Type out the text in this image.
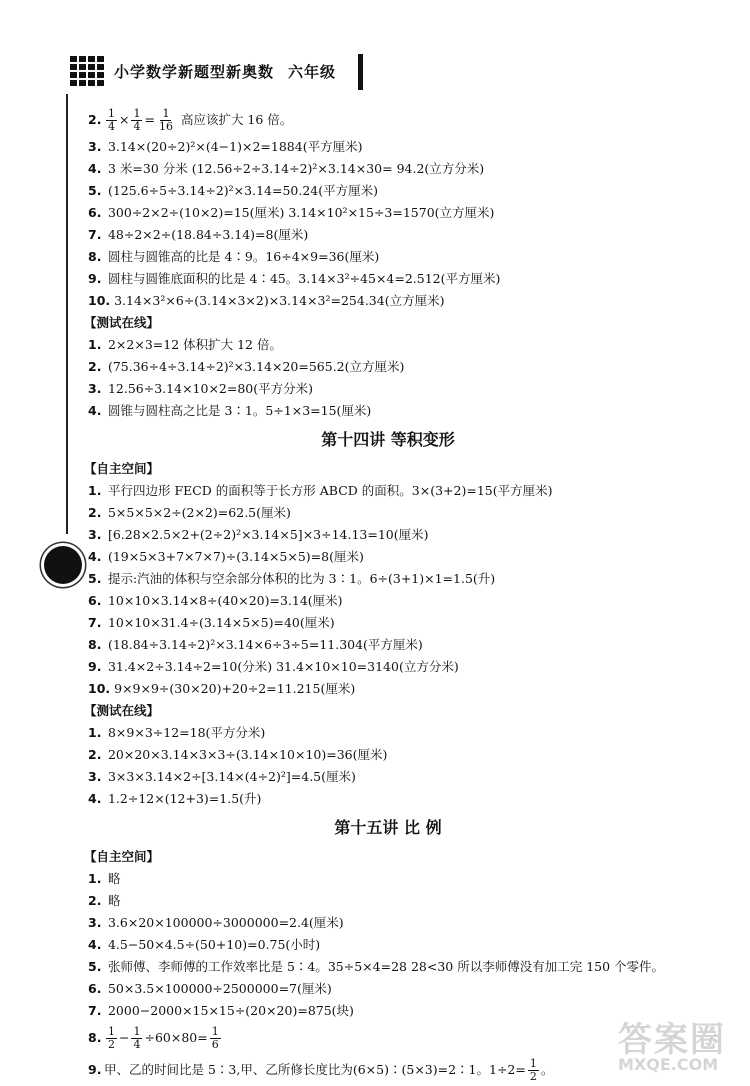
小学数学新题型新奥数 六年级
2. $\frac{1}{4} \times \frac{1}{4} = \frac{1}{16}$ 高应该扩大 16 倍。
3. 3.14×(20÷2)²×(4−1)×2=1884(平方厘米)
4. 3 米=30 分米 (12.56÷2÷3.14÷2)²×3.14×30= 94.2(立方分米)
5. (125.6÷5÷3.14÷2)²×3.14=50.24(平方厘米)
6. 300÷2×2÷(10×2)=15(厘米) 3.14×10²×15÷3=1570(立方厘米)
7. 48÷2×2÷(18.84÷3.14)=8(厘米)
8. 圆柱与圆锥高的比是 4∶9。16÷4×9=36(厘米)
9. 圆柱与圆锥底面积的比是 4∶45。3.14×3²÷45×4=2.512(平方厘米)
10. 3.14×3²×6÷(3.14×3×2)×3.14×3²=254.34(立方厘米)
【测试在线】
1. 2×2×3=12 体积扩大 12 倍。
2. (75.36÷4÷3.14÷2)²×3.14×20=565.2(立方厘米)
3. 12.56÷3.14×10×2=80(平方分米)
4. 圆锥与圆柱高之比是 3∶1。5÷1×3=15(厘米)
第十四讲 等积变形
【自主空间】
1. 平行四边形 FECD 的面积等于长方形 ABCD 的面积。3×(3+2)=15(平方厘米)
2. 5×5×5×2÷(2×2)=62.5(厘米)
3. [6.28×2.5×2+(2÷2)²×3.14×5]×3÷14.13=10(厘米)
4. (19×5×3+7×7×7)÷(3.14×5×5)=8(厘米)
5. 提示:汽油的体积与空余部分体积的比为 3∶1。6÷(3+1)×1=1.5(升)
6. 10×10×3.14×8÷(40×20)=3.14(厘米)
7. 10×10×31.4÷(3.14×5×5)=40(厘米)
8. (18.84÷3.14÷2)²×3.14×6÷3÷5=11.304(平方厘米)
9. 31.4×2÷3.14÷2=10(分米) 31.4×10×10=3140(立方分米)
10. 9×9×9÷(30×20)+20÷2=11.215(厘米)
【测试在线】
1. 8×9×3÷12=18(平方分米)
2. 20×20×3.14×3×3÷(3.14×10×10)=36(厘米)
3. 3×3×3.14×2÷[3.14×(4÷2)²]=4.5(厘米)
4. 1.2÷12×(12+3)=1.5(升)
第十五讲 比 例
【自主空间】
1. 略
2. 略
3. 3.6×20×100000÷3000000=2.4(厘米)
4. 4.5−50×4.5÷(50+10)=0.75(小时)
5. 张师傅、李师傅的工作效率比是 5∶4。35÷5×4=28 28<30 所以李师傅没有加工完 150 个零件。
6. 50×3.5×100000÷2500000=7(厘米)
7. 2000−2000×15×15÷(20×20)=875(块)
8. $\frac{1}{2} - \frac{1}{4} \div 60\times 80= \frac{1}{6}$
9. 甲、乙的时间比是 5∶3,甲、乙所修长度比为(6×5)∶(5×3)=2∶1。$1\div 2= \frac{1}{2}$ 。
答案圈
MXQE.COM
